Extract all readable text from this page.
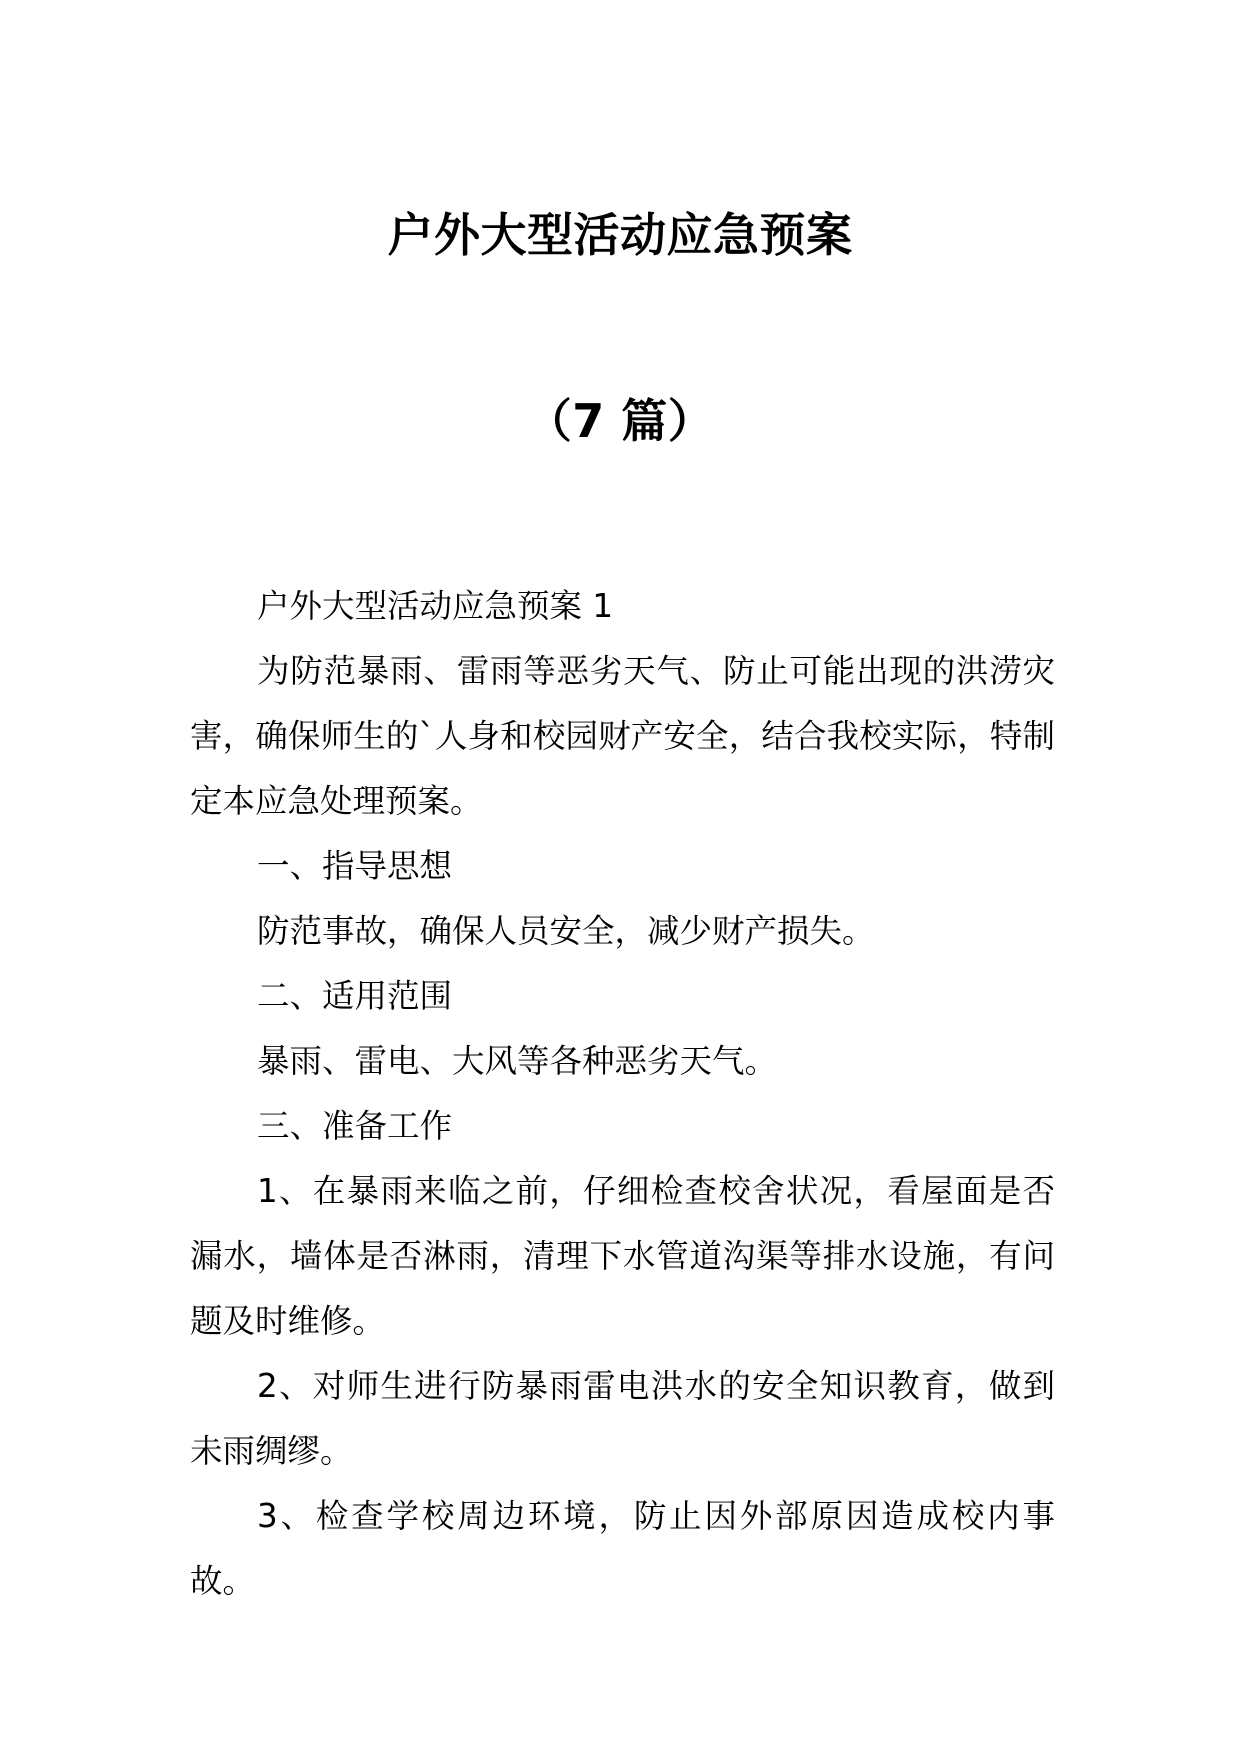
户外大型活动应急预案
（7 篇）

户外大型活动应急预案 1

为防范暴雨、雷雨等恶劣天气、防止可能出现的洪涝灾害，确保师生的`人身和校园财产安全，结合我校实际，特制定本应急处理预案。

一、指导思想

防范事故，确保人员安全，减少财产损失。

二、适用范围

暴雨、雷电、大风等各种恶劣天气。

三、准备工作

1、在暴雨来临之前，仔细检查校舍状况，看屋面是否漏水，墙体是否淋雨，清理下水管道沟渠等排水设施，有问题及时维修。

2、对师生进行防暴雨雷电洪水的安全知识教育，做到未雨绸缪。

3、检查学校周边环境，防止因外部原因造成校内事故。
